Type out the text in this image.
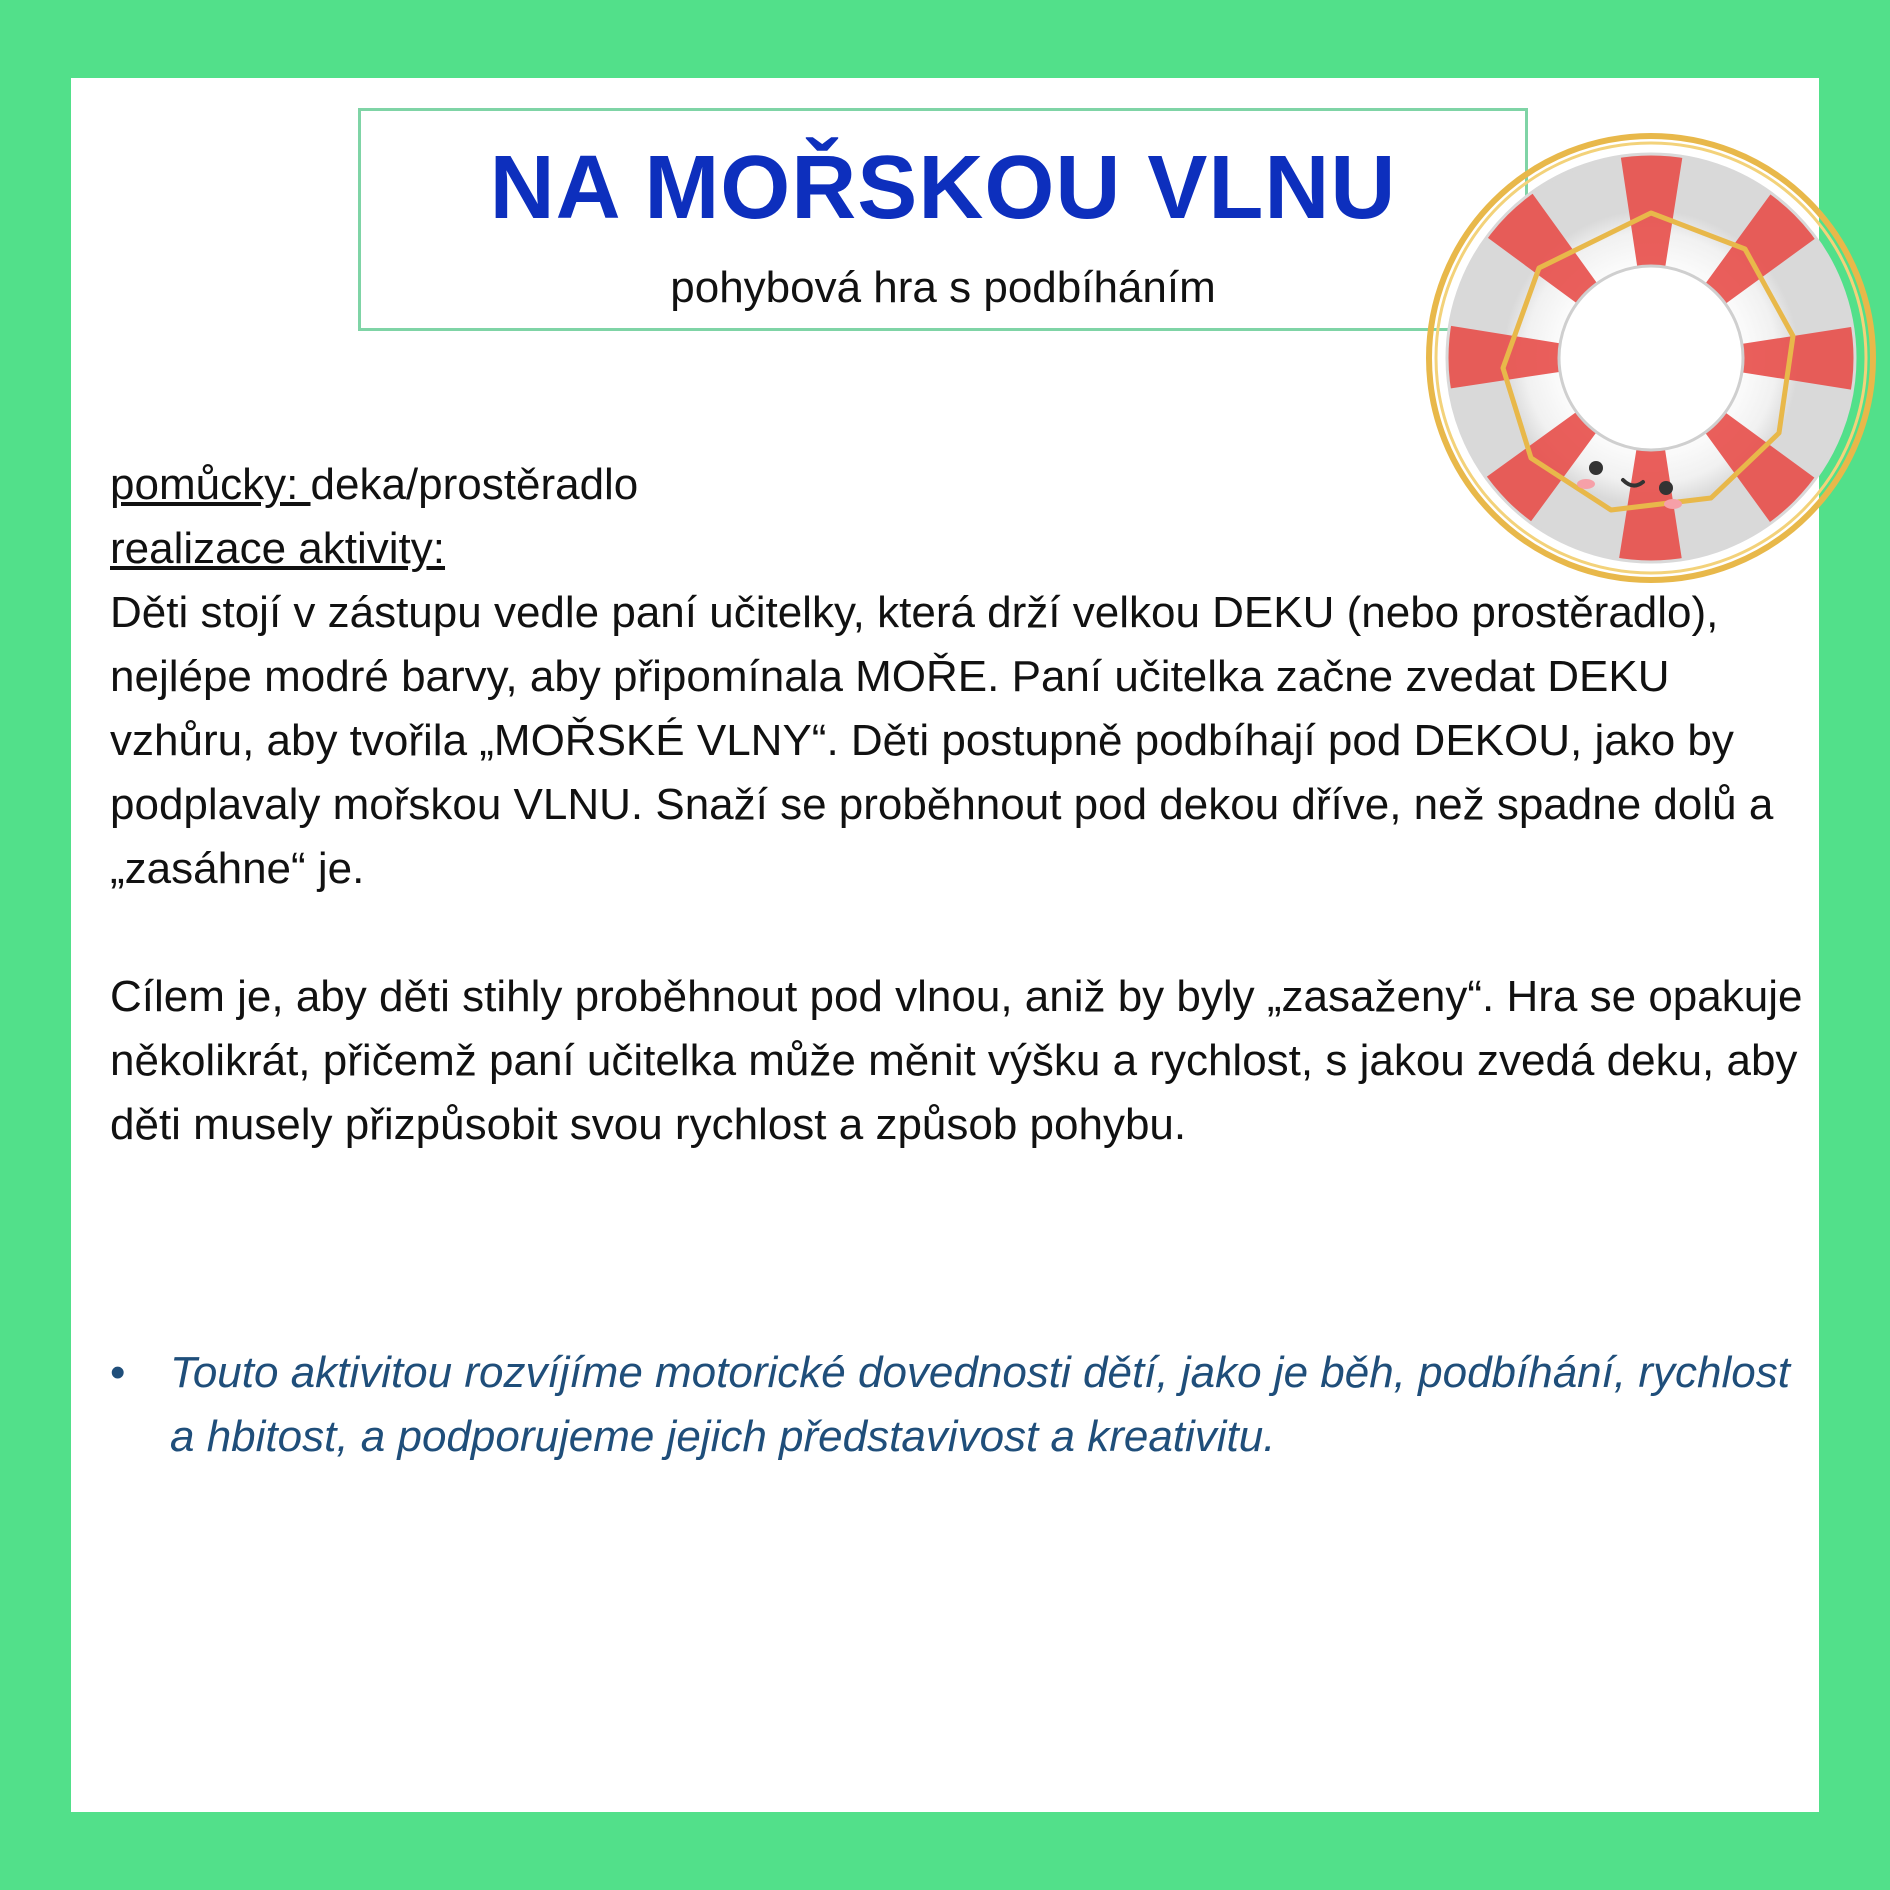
NA MOŘSKOU VLNU
pohybová hra s podbíháním

pomůcky: deka/prostěradlo

realizace aktivity:

Děti stojí v zástupu vedle paní učitelky, která drží velkou DEKU (nebo prostěradlo), nejlépe modré barvy, aby připomínala MOŘE. Paní učitelka začne zvedat DEKU vzhůru, aby tvořila „MOŘSKÉ VLNY“. Děti postupně podbíhají pod DEKOU, jako by podplavaly mořskou VLNU. Snaží se proběhnout pod dekou dříve, než spadne dolů a „zasáhne“ je.

Cílem je, aby děti stihly proběhnout pod vlnou, aniž by byly „zasaženy“. Hra se opakuje několikrát, přičemž paní učitelka může měnit výšku a rychlost, s jakou zvedá deku, aby děti musely přizpůsobit svou rychlost a způsob pohybu.

•	Touto aktivitou rozvíjíme motorické dovednosti dětí, jako je běh, podbíhání, rychlost a hbitost, a podporujeme jejich představivost a kreativitu.
